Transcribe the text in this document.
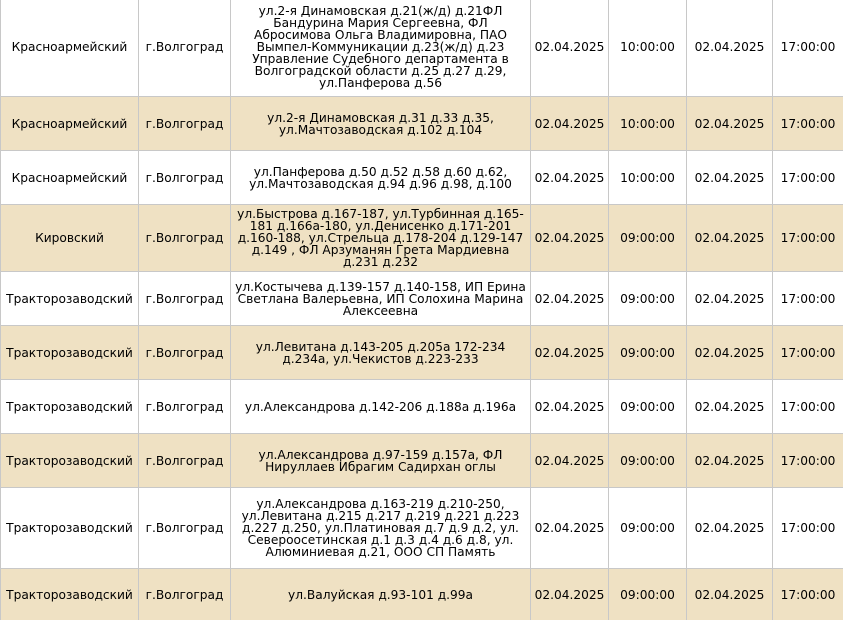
Красноармейский	г.Волгоград	ул.2-я Динамовская д.21(ж/д) д.21ФЛ Бандурина Мария Сергеевна, ФЛ Абросимова Ольга Владимировна, ПАО Вымпел-Коммуникации д.23(ж/д) д.23 Управление Судебного департамента в Волгоградской области д.25 д.27 д.29, ул.Панферова д.56	02.04.2025	10:00:00	02.04.2025	17:00:00	
Красноармейский	г.Волгоград	ул.2-я Динамовская д.31 д.33 д.35, ул.Мачтозаводская д.102 д.104	02.04.2025	10:00:00	02.04.2025	17:00:00	
Красноармейский	г.Волгоград	ул.Панферова д.50 д.52 д.58 д.60 д.62, ул.Мачтозаводская д.94 д.96 д.98, д.100	02.04.2025	10:00:00	02.04.2025	17:00:00	
Кировский	г.Волгоград	ул.Быстрова д.167-187, ул.Турбинная д.165-181 д.166а-180, ул.Денисенко д.171-201 д.160-188, ул.Стрельца д.178-204 д.129-147 д.149 , ФЛ Арзуманян Грета Мардиевна д.231 д.232	02.04.2025	09:00:00	02.04.2025	17:00:00	
Тракторозаводский	г.Волгоград	ул.Костычева д.139-157 д.140-158, ИП Ерина Светлана Валерьевна, ИП Солохина Марина Алексеевна	02.04.2025	09:00:00	02.04.2025	17:00:00	
Тракторозаводский	г.Волгоград	ул.Левитана д.143-205 д.205а 172-234 д.234а, ул.Чекистов д.223-233	02.04.2025	09:00:00	02.04.2025	17:00:00	
Тракторозаводский	г.Волгоград	ул.Александрова д.142-206 д.188а д.196а	02.04.2025	09:00:00	02.04.2025	17:00:00	
Тракторозаводский	г.Волгоград	ул.Александрова д.97-159 д.157а, ФЛ Нируллаев Ибрагим Садирхан оглы	02.04.2025	09:00:00	02.04.2025	17:00:00	
Тракторозаводский	г.Волгоград	ул.Александрова д.163-219 д.210-250, ул.Левитана д.215 д.217 д.219 д.221 д.223 д.227 д.250, ул.Платиновая д.7 д.9 д.2, ул. Североосетинская д.1 д.3 д.4 д.6 д.8, ул. Алюминиевая д.21, ООО СП Память	02.04.2025	09:00:00	02.04.2025	17:00:00	
Тракторозаводский	г.Волгоград	ул.Валуйская д.93-101 д.99а	02.04.2025	09:00:00	02.04.2025	17:00:00	
